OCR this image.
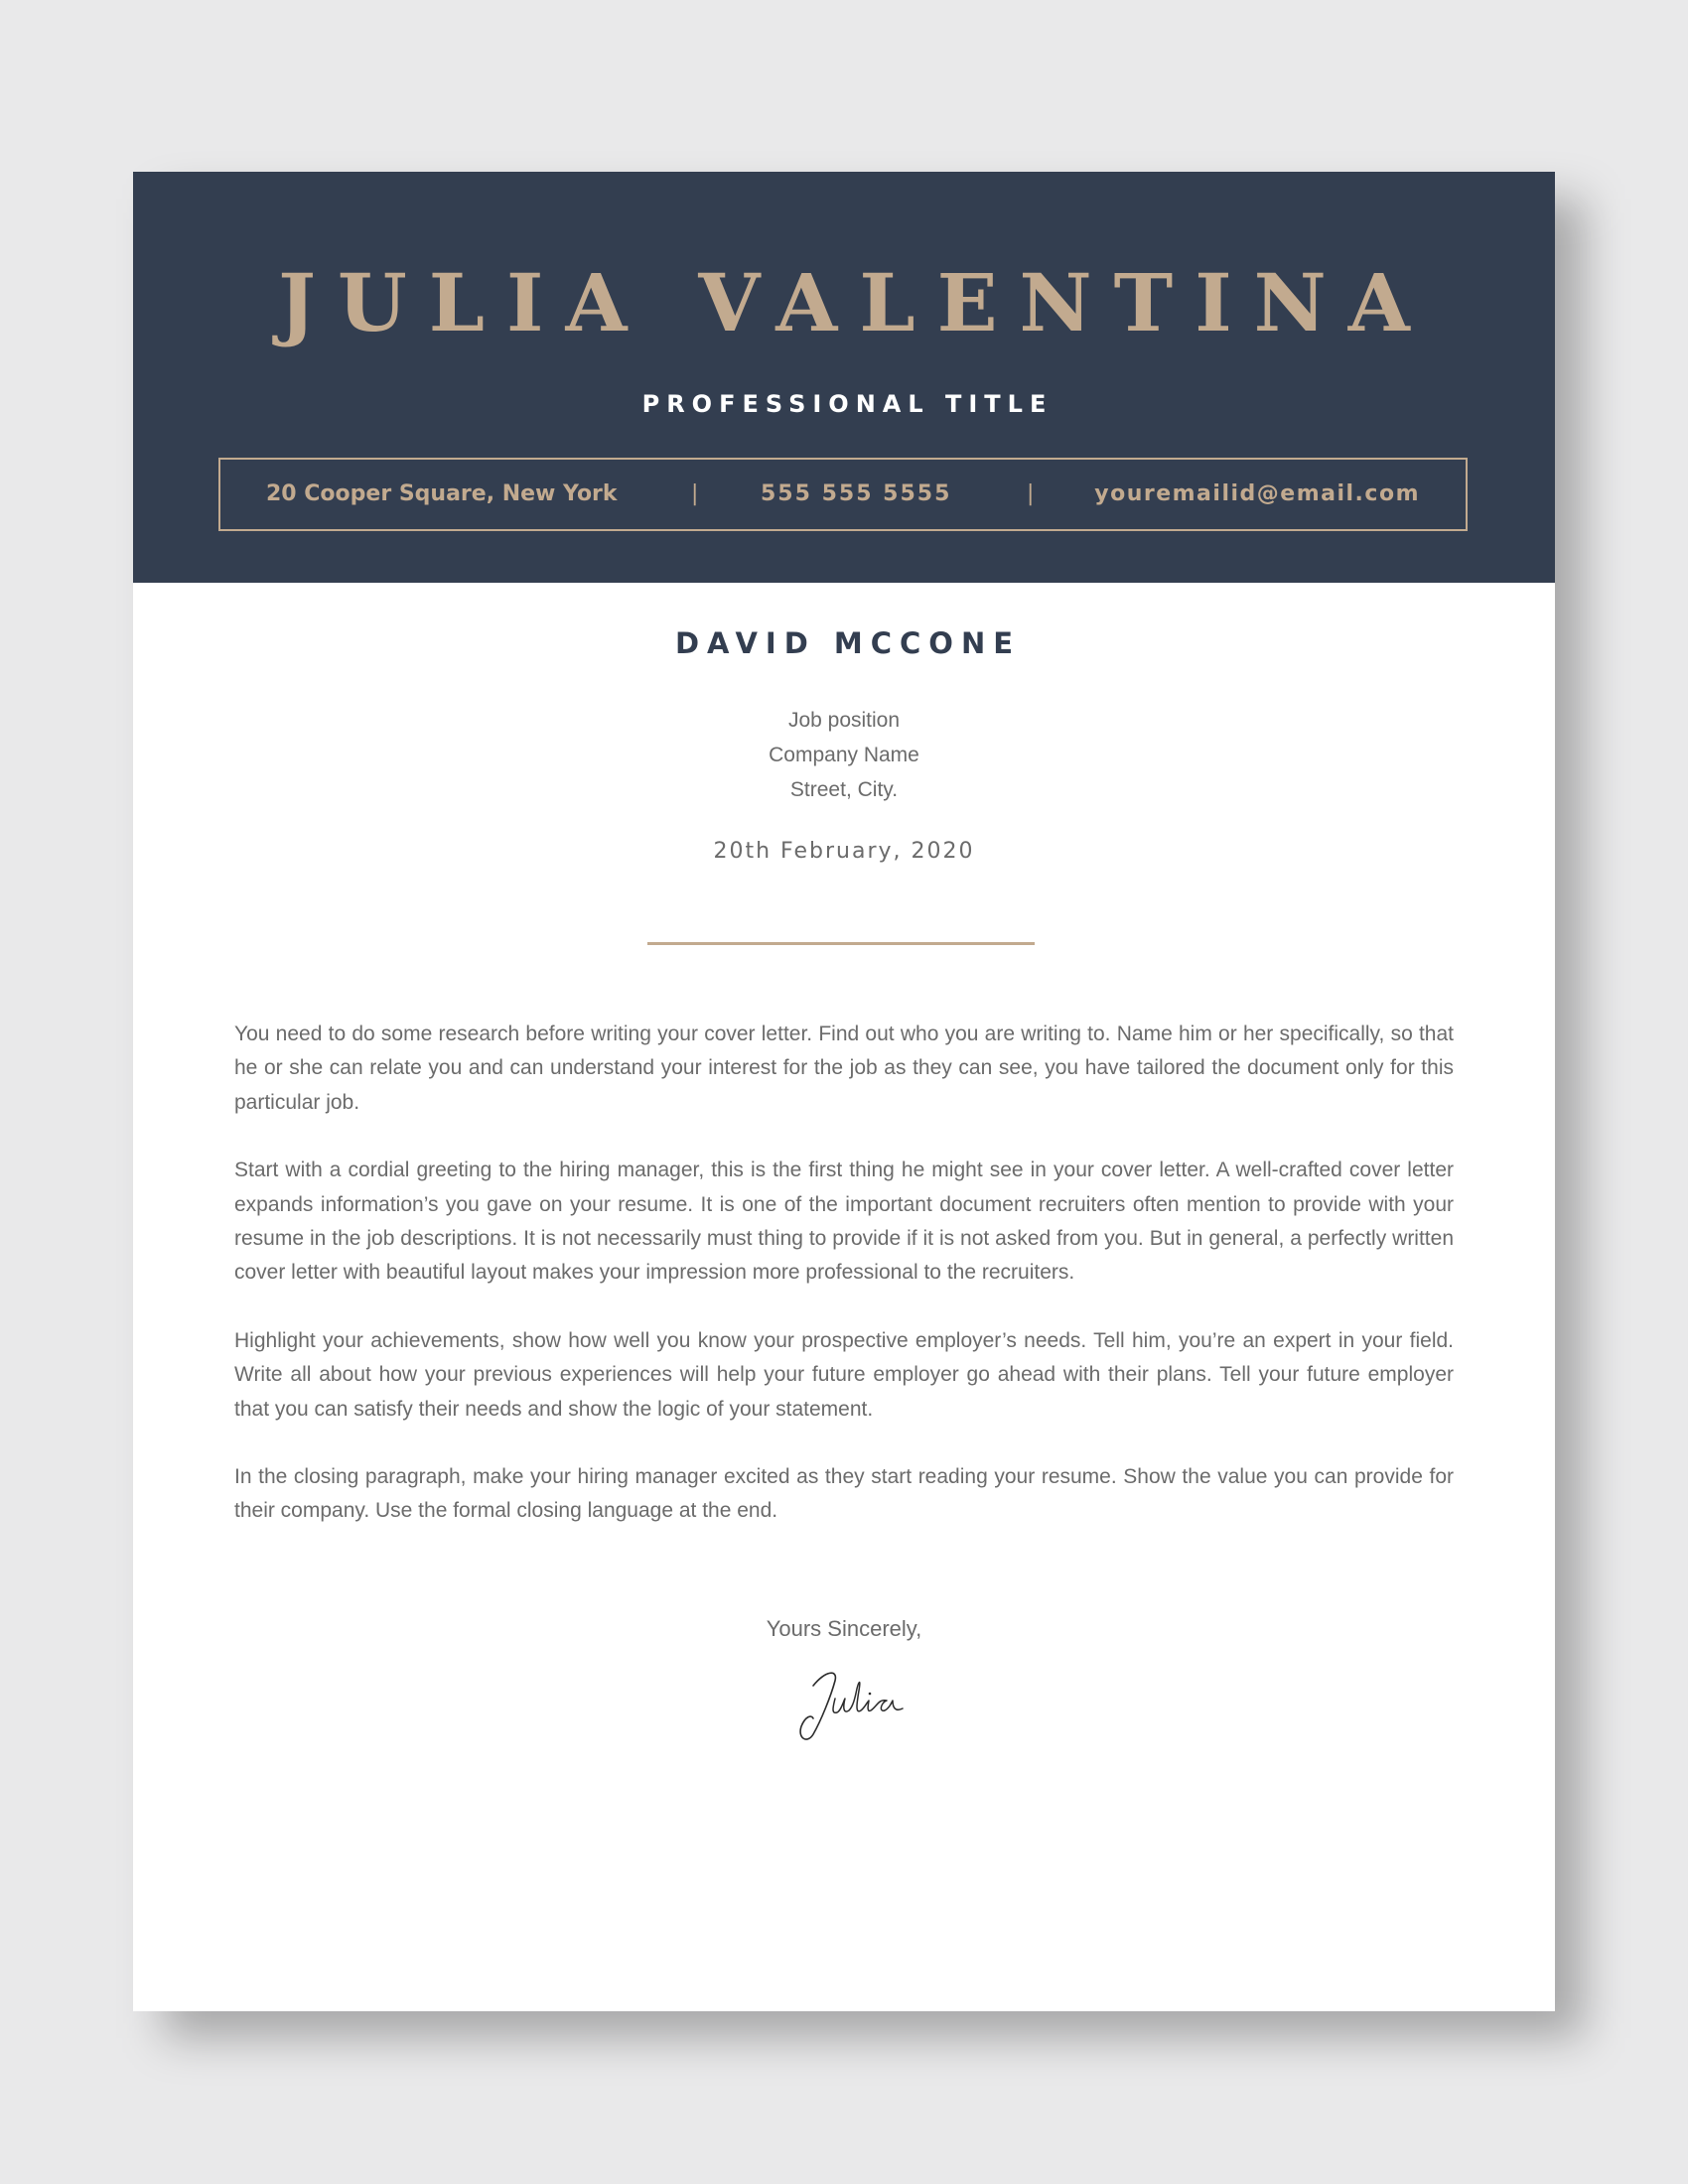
JULIA VALENTINA
PROFESSIONAL TITLE
20 Cooper Square, New York	|	555 555 5555	|	youremailid@email.com
DAVID MCCONE
Job position
Company Name
Street, City.
20th February, 2020

You need to do some research before writing your cover letter. Find out who you are writing to. Name him or her specifically, so that he or she can relate you and can understand your interest for the job as they can see, you have tailored the document only for this particular job.

Start with a cordial greeting to the hiring manager, this is the first thing he might see in your cover letter. A well-crafted cover letter expands information’s you gave on your resume. It is one of the important document recruiters often mention to provide with your resume in the job descriptions. It is not necessarily must thing to provide if it is not asked from you. But in general, a perfectly written cover letter with beautiful layout makes your impression more professional to the recruiters.

Highlight your achievements, show how well you know your prospective employer’s needs. Tell him, you’re an expert in your field. Write all about how your previous experiences will help your future employer go ahead with their plans. Tell your future employer that you can satisfy their needs and show the logic of your statement.

In the closing paragraph, make your hiring manager excited as they start reading your resume. Show the value you can provide for their company. Use the formal closing language at the end.

Yours Sincerely,
